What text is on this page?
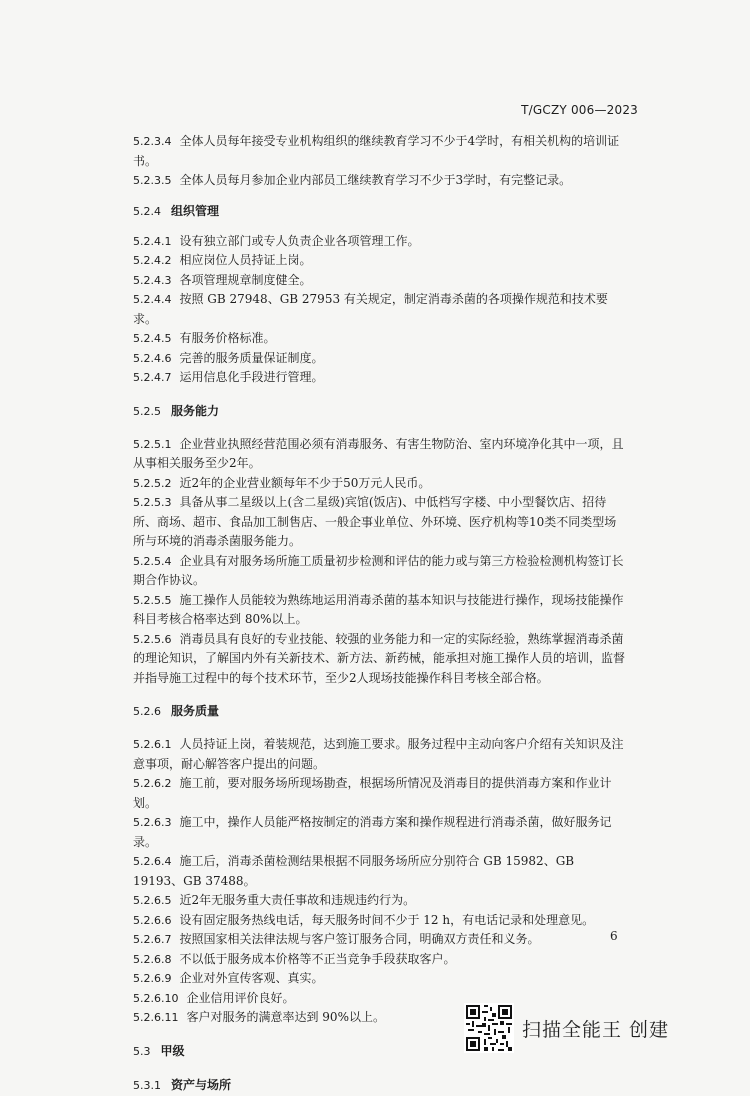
T/GCZY 006—2023
5.2.3.4 全体人员每年接受专业机构组织的继续教育学习不少于4学时，有相关机构的培训证书。
5.2.3.5 全体人员每月参加企业内部员工继续教育学习不少于3学时，有完整记录。
5.2.4 组织管理
5.2.4.1 设有独立部门或专人负责企业各项管理工作。
5.2.4.2 相应岗位人员持证上岗。
5.2.4.3 各项管理规章制度健全。
5.2.4.4 按照 GB 27948、GB 27953 有关规定，制定消毒杀菌的各项操作规范和技术要求。
5.2.4.5 有服务价格标准。
5.2.4.6 完善的服务质量保证制度。
5.2.4.7 运用信息化手段进行管理。
5.2.5 服务能力
5.2.5.1 企业营业执照经营范围必须有消毒服务、有害生物防治、室内环境净化其中一项，且从事相关服务至少2年。
5.2.5.2 近2年的企业营业额每年不少于50万元人民币。
5.2.5.3 具备从事二星级以上(含二星级)宾馆(饭店)、中低档写字楼、中小型餐饮店、招待所、商场、超市、食品加工制售店、一般企事业单位、外环境、医疗机构等10类不同类型场所与环境的消毒杀菌服务能力。
5.2.5.4 企业具有对服务场所施工质量初步检测和评估的能力或与第三方检验检测机构签订长期合作协议。
5.2.5.5 施工操作人员能较为熟练地运用消毒杀菌的基本知识与技能进行操作，现场技能操作科目考核合格率达到 80%以上。
5.2.5.6 消毒员具有良好的专业技能、较强的业务能力和一定的实际经验，熟练掌握消毒杀菌的理论知识，了解国内外有关新技术、新方法、新药械，能承担对施工操作人员的培训，监督并指导施工过程中的每个技术环节，至少2人现场技能操作科目考核全部合格。
5.2.6 服务质量
5.2.6.1 人员持证上岗，着装规范，达到施工要求。服务过程中主动向客户介绍有关知识及注意事项，耐心解答客户提出的问题。
5.2.6.2 施工前，要对服务场所现场勘查，根据场所情况及消毒目的提供消毒方案和作业计划。
5.2.6.3 施工中，操作人员能严格按制定的消毒方案和操作规程进行消毒杀菌，做好服务记录。
5.2.6.4 施工后，消毒杀菌检测结果根据不同服务场所应分别符合 GB 15982、GB 19193、GB 37488。
5.2.6.5 近2年无服务重大责任事故和违规违约行为。
5.2.6.6 设有固定服务热线电话，每天服务时间不少于 12 h，有电话记录和处理意见。
5.2.6.7 按照国家相关法律法规与客户签订服务合同，明确双方责任和义务。
5.2.6.8 不以低于服务成本价格等不正当竞争手段获取客户。
5.2.6.9 企业对外宣传客观、真实。
5.2.6.10 企业信用评价良好。
5.2.6.11 客户对服务的满意率达到 90%以上。
5.3 甲级
5.3.1 资产与场所
6
扫描全能王 创建
